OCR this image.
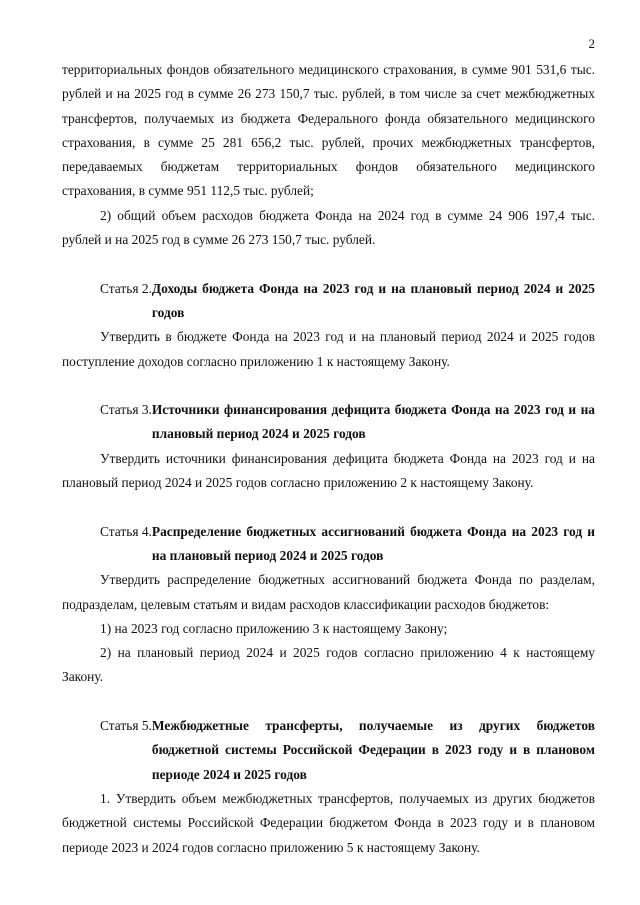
2

территориальных фондов обязательного медицинского страхования, в сумме 901 531,6 тыс. рублей и на 2025 год в сумме 26 273 150,7 тыс. рублей, в том числе за счет межбюджетных трансфертов, получаемых из бюджета Федерального фонда обязательного медицинского страхования, в сумме 25 281 656,2 тыс. рублей, прочих межбюджетных трансфертов, передаваемых бюджетам территориальных фондов обязательного медицинского страхования, в сумме 951 112,5 тыс. рублей;

2) общий объем расходов бюджета Фонда на 2024 год в сумме 24 906 197,4 тыс. рублей и на 2025 год в сумме 26 273 150,7 тыс. рублей.

Статья 2. Доходы бюджета Фонда на 2023 год и на плановый период 2024 и 2025 годов

Утвердить в бюджете Фонда на 2023 год и на плановый период 2024 и 2025 годов поступление доходов согласно приложению 1 к настоящему Закону.

Статья 3. Источники финансирования дефицита бюджета Фонда на 2023 год и на плановый период 2024 и 2025 годов

Утвердить источники финансирования дефицита бюджета Фонда на 2023 год и на плановый период 2024 и 2025 годов согласно приложению 2 к настоящему Закону.

Статья 4. Распределение бюджетных ассигнований бюджета Фонда на 2023 год и на плановый период 2024 и 2025 годов

Утвердить распределение бюджетных ассигнований бюджета Фонда по разделам, подразделам, целевым статьям и видам расходов классификации расходов бюджетов:

1) на 2023 год согласно приложению 3 к настоящему Закону;

2) на плановый период 2024 и 2025 годов согласно приложению 4 к настоящему Закону.

Статья 5. Межбюджетные трансферты, получаемые из других бюджетов бюджетной системы Российской Федерации в 2023 году и в плановом периоде 2024 и 2025 годов

1. Утвердить объем межбюджетных трансфертов, получаемых из других бюджетов бюджетной системы Российской Федерации бюджетом Фонда в 2023 году и в плановом периоде 2023 и 2024 годов согласно приложению 5 к настоящему Закону.
